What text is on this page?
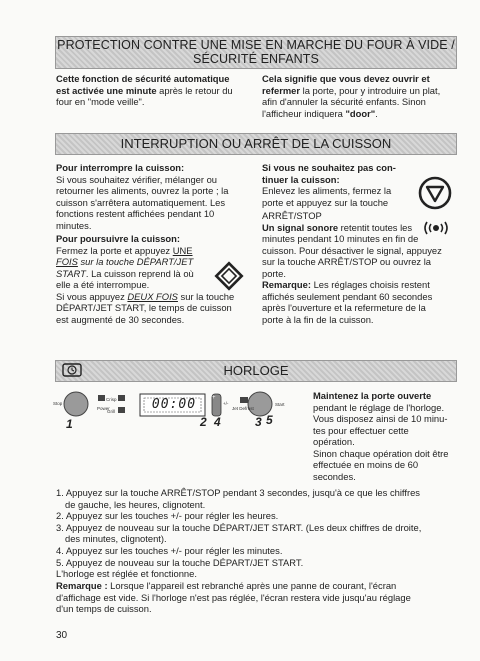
PROTECTION CONTRE UNE MISE EN MARCHE DU FOUR À VIDE /
SÉCURITÉ ENFANTS

Cette fonction de sécurité automatique

est activée une minute après le retour du

four en "mode veille".

Cela signifie que vous devez ouvrir et

refermer la porte, pour y introduire un plat,

afin d'annuler la sécurité enfants. Sinon

l'afficheur indiquera "door".

INTERRUPTION OU ARRÊT DE LA CUISSON

Pour interrompre la cuisson:

Si vous souhaitez vérifier, mélanger ou

retourner les aliments, ouvrez la porte ; la

cuisson s'arrêtera automatiquement. Les

fonctions restent affichées pendant 10

minutes.

Pour poursuivre la cuisson:

Fermez la porte et appuyez UNE

FOIS sur la touche DÉPART/JET

START. La cuisson reprend là où

elle a été interrompue.

Si vous appuyez DEUX FOIS sur la touche

DÉPART/JET START, le temps de cuisson

est augmenté de 30 secondes.

Si vous ne souhaitez pas con-

tinuer la cuisson:

Enlevez les aliments, fermez la

porte et appuyez sur la touche

ARRÊT/STOP

Un signal sonore retentit toutes les

minutes pendant 10 minutes en fin de

cuisson. Pour désactiver le signal, appuyez

sur la touche ARRÊT/STOP ou ouvrez la

porte.

Remarque: Les réglages choisis restent

affichés seulement pendant 60 secondes

après l'ouverture et la refermeture de la

porte à la fin de la cuisson.

HORLOGE
Stop
Power
Crisp
Grill	00:00	+
+/-
Jet Defrost
Start
1	2 4	3 5

Maintenez la porte ouverte

pendant le réglage de l'horloge.

Vous disposez ainsi de 10 minu-

tes pour effectuer cette opération.

Sinon chaque opération doit être

effectuée en moins de 60

secondes.

1. Appuyez sur la touche ARRÊT/STOP pendant 3 secondes, jusqu'à ce que les chiffres

de gauche, les heures, clignotent.

2. Appuyez sur les touches +/- pour régler les heures.

3. Appuyez de nouveau sur la touche DÉPART/JET START. (Les deux chiffres de droite,

des minutes, clignotent).

4. Appuyez sur les touches +/- pour régler les minutes.

5. Appuyez de nouveau sur la touche DÉPART/JET START.

L'horloge est réglée et fonctionne.

Remarque : Lorsque l'appareil est rebranché après une panne de courant, l'écran

d'affichage est vide. Si l'horloge n'est pas réglée, l'écran restera vide jusqu'au réglage

d'un temps de cuisson.

30
